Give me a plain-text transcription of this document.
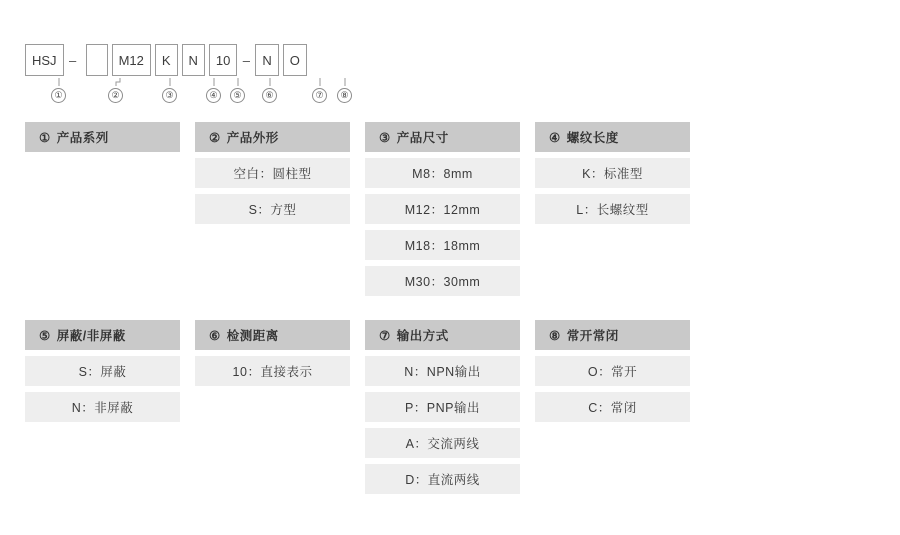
HSJ –	M12	K	N	10 – N	O
①	②	③	④	⑤	⑥	⑦	⑧
① 产品系列	② 产品外形
空白：圆柱型
S：方型
③ 产品尺寸
M8：8mm
M12：12mm
M18：18mm
M30：30mm
④ 螺纹长度
K：标准型
L：长螺纹型
⑤ 屏蔽/非屏蔽
S：屏蔽
N：非屏蔽
⑥ 检测距离
10：直接表示
⑦ 输出方式
N：NPN输出
P：PNP输出
A：交流两线
D：直流两线
⑧ 常开常闭
O：常开
C：常闭
